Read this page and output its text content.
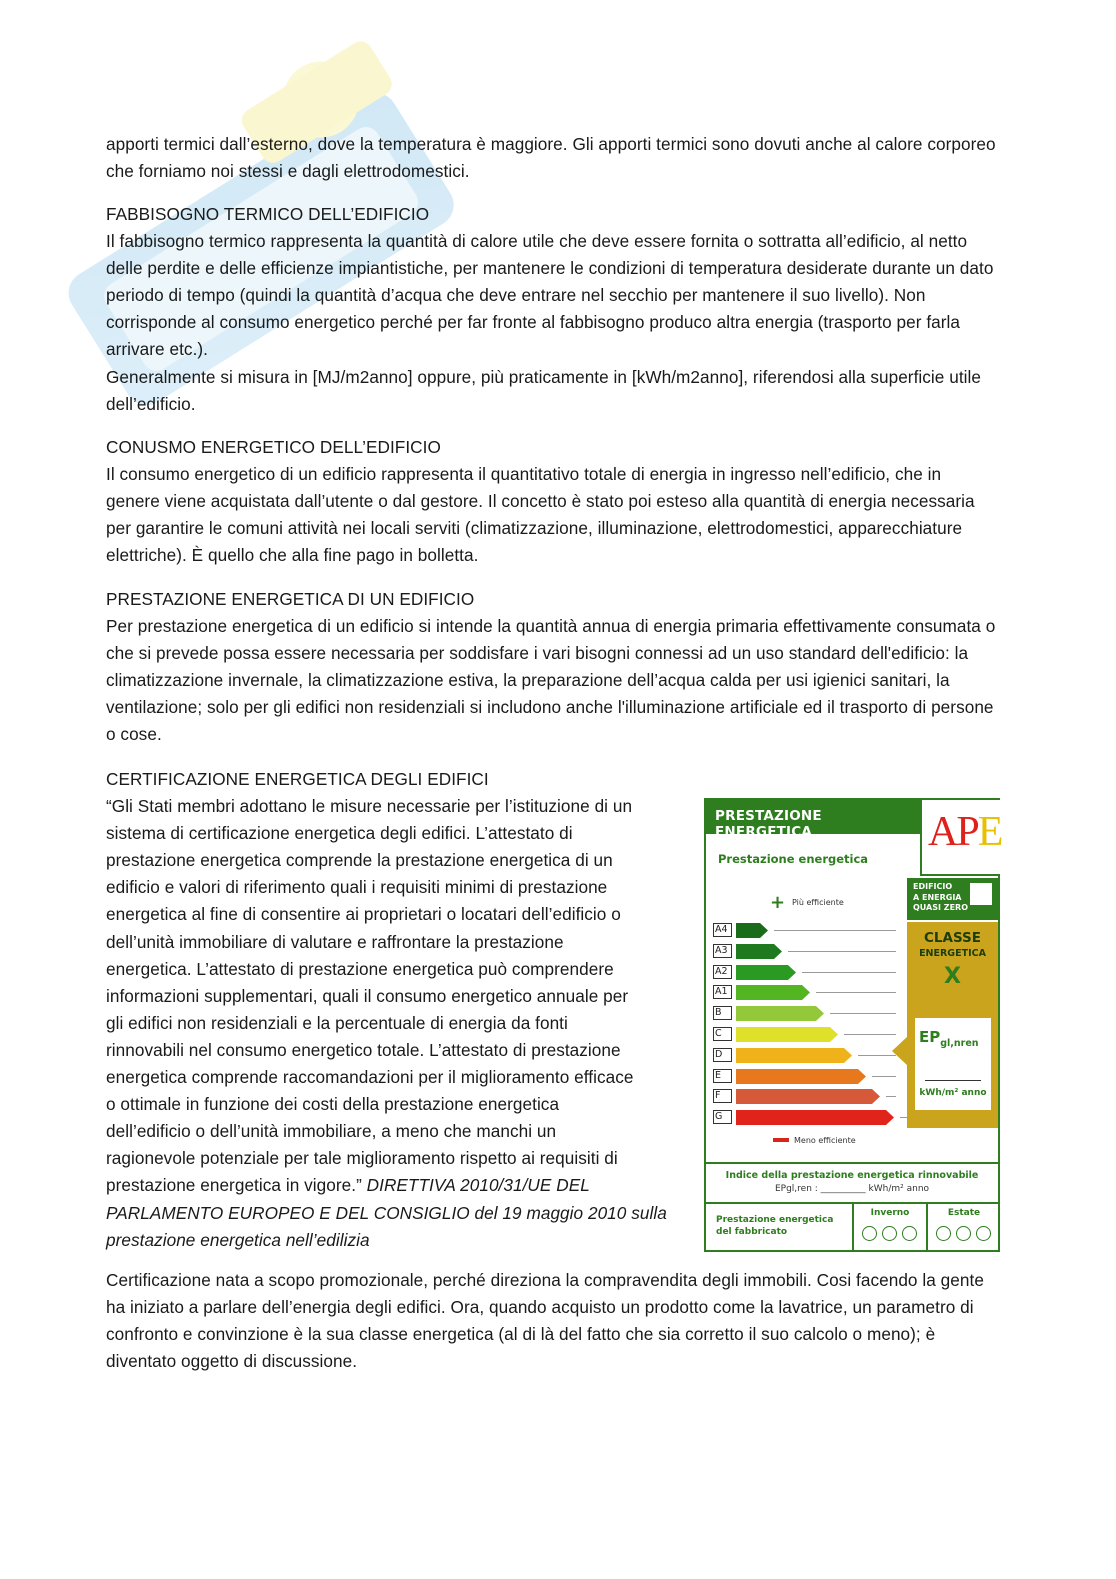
apporti termici dall’esterno, dove la temperatura è maggiore. Gli apporti termici sono dovuti anche al calore corporeo che forniamo noi stessi e dagli elettrodomestici.

FABBISOGNO TERMICO DELL’EDIFICIO

Il fabbisogno termico rappresenta la quantità di calore utile che deve essere fornita o sottratta all’edificio, al netto delle perdite e delle efficienze impiantistiche, per mantenere le condizioni di temperatura desiderate durante un dato periodo di tempo (quindi la quantità d’acqua che deve entrare nel secchio per mantenere il suo livello). Non corrisponde al consumo energetico perché per far fronte al fabbisogno produco altra energia (trasporto per farla arrivare etc.).

Generalmente si misura in [MJ/m2anno] oppure, più praticamente in [kWh/m2anno], riferendosi alla superficie utile dell’edificio.

CONUSMO ENERGETICO DELL’EDIFICIO

Il consumo energetico di un edificio rappresenta il quantitativo totale di energia in ingresso nell’edificio, che in genere viene acquistata dall’utente o dal gestore. Il concetto è stato poi esteso alla quantità di energia necessaria per garantire le comuni attività nei locali serviti (climatizzazione, illuminazione, elettrodomestici, apparecchiature elettriche). È quello che alla fine pago in bolletta.

PRESTAZIONE ENERGETICA DI UN EDIFICIO

Per prestazione energetica di un edificio si intende la quantità annua di energia primaria effettivamente consumata o che si prevede possa essere necessaria per soddisfare i vari bisogni connessi ad un uso standard dell'edificio: la climatizzazione invernale, la climatizzazione estiva, la preparazione dell’acqua calda per usi igienici sanitari, la ventilazione; solo per gli edifici non residenziali si includono anche l'illuminazione artificiale ed il trasporto di persone o cose.

CERTIFICAZIONE ENERGETICA DEGLI EDIFICI
“Gli Stati membri adottano le misure necessarie per l’istituzione di un
sistema di certificazione energetica degli edifici. L’attestato di
prestazione energetica comprende la prestazione energetica di un
edificio e valori di riferimento quali i requisiti minimi di prestazione
energetica al fine di consentire ai proprietari o locatari dell’edificio o
dell’unità immobiliare di valutare e raffrontare la prestazione
energetica. L’attestato di prestazione energetica può comprendere
informazioni supplementari, quali il consumo energetico annuale per
gli edifici non residenziali e la percentuale di energia da fonti
rinnovabili nel consumo energetico totale. L’attestato di prestazione
energetica comprende raccomandazioni per il miglioramento efficace
o ottimale in funzione dei costi della prestazione energetica
dell’edificio o dell’unità immobiliare, a meno che manchi un
ragionevole potenziale per tale miglioramento rispetto ai requisiti di
prestazione energetica in vigore.” DIRETTIVA 2010/31/UE DEL
PARLAMENTO EUROPEO E DEL CONSIGLIO del 19 maggio 2010 sulla
prestazione energetica nell’edilizia

Certificazione nata a scopo promozionale, perché direziona la compravendita degli immobili. Cosi facendo la gente ha iniziato a parlare dell’energia degli edifici. Ora, quando acquisto un prodotto come la lavatrice, un parametro di confronto e convinzione è la sua classe energetica (al di là del fatto che sia corretto il suo calcolo o meno); è diventato oggetto di discussione.

PRESTAZIONE ENERGETICA	APE
Prestazione energetica
EDIFICIO
A ENERGIA
QUASI ZERO
CLASSE
ENERGETICA
X
$EP_{gl,nren}$
kWh/m² anno
+ Più efficiente
A4
A3
A2
A1
B
C
D
E
F
G
Meno efficiente
Indice della prestazione energetica rinnovabile
EPgl,ren : __________ kWh/m² anno
Prestazione energetica
del fabbricato
Inverno	Estate
